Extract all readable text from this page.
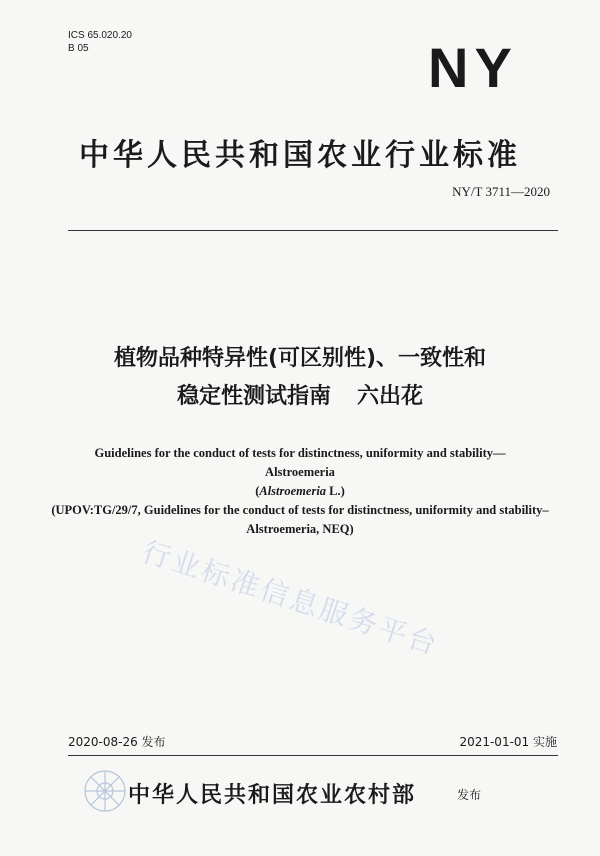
ICS 65.020.20
B 05	NY
中华人民共和国农业行业标准
NY/T 3711—2020
植物品种特异性(可区别性)、一致性和
稳定性测试指南 六出花
Guidelines for the conduct of tests for distinctness, uniformity and stability—
Alstroemeria
(Alstroemeria L.)
(UPOV:TG/29/7, Guidelines for the conduct of tests for distinctness, uniformity and stability–Alstroemeria, NEQ)
行业标准信息服务平台
2020-08-26 发布	2021-01-01 实施
中华人民共和国农业农村部	发布
